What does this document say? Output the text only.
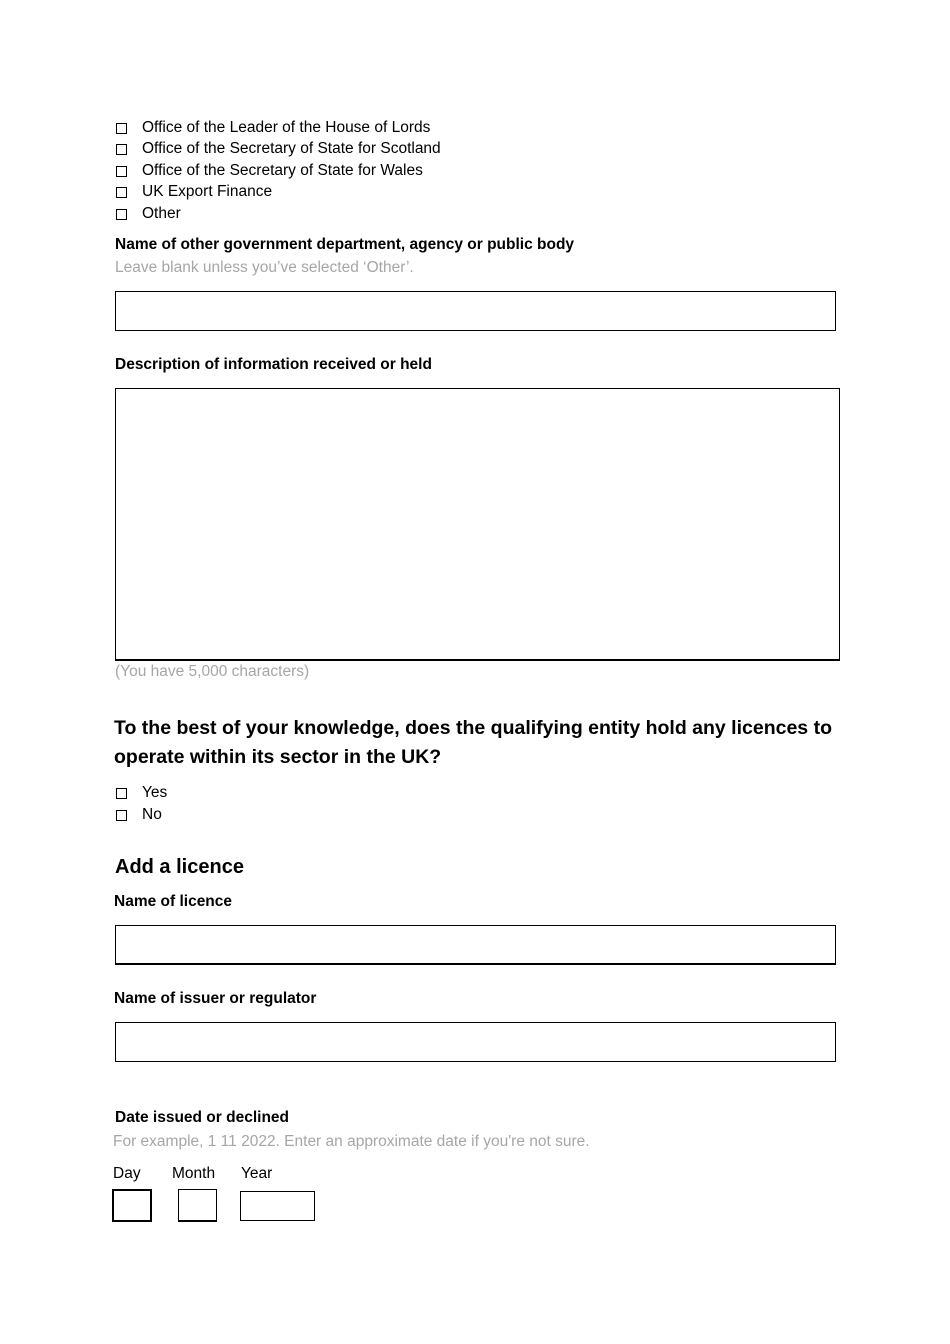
Office of the Leader of the House of Lords
Office of the Secretary of State for Scotland
Office of the Secretary of State for Wales
UK Export Finance
Other
Name of other government department, agency or public body
Leave blank unless you’ve selected ‘Other’.
Description of information received or held
(You have 5,000 characters)
To the best of your knowledge, does the qualifying entity hold any licences to operate within its sector in the UK?
Yes
No
Add a licence
Name of licence
Name of issuer or regulator
Date issued or declined
For example, 1 11 2022. Enter an approximate date if you're not sure.
Day Month Year
